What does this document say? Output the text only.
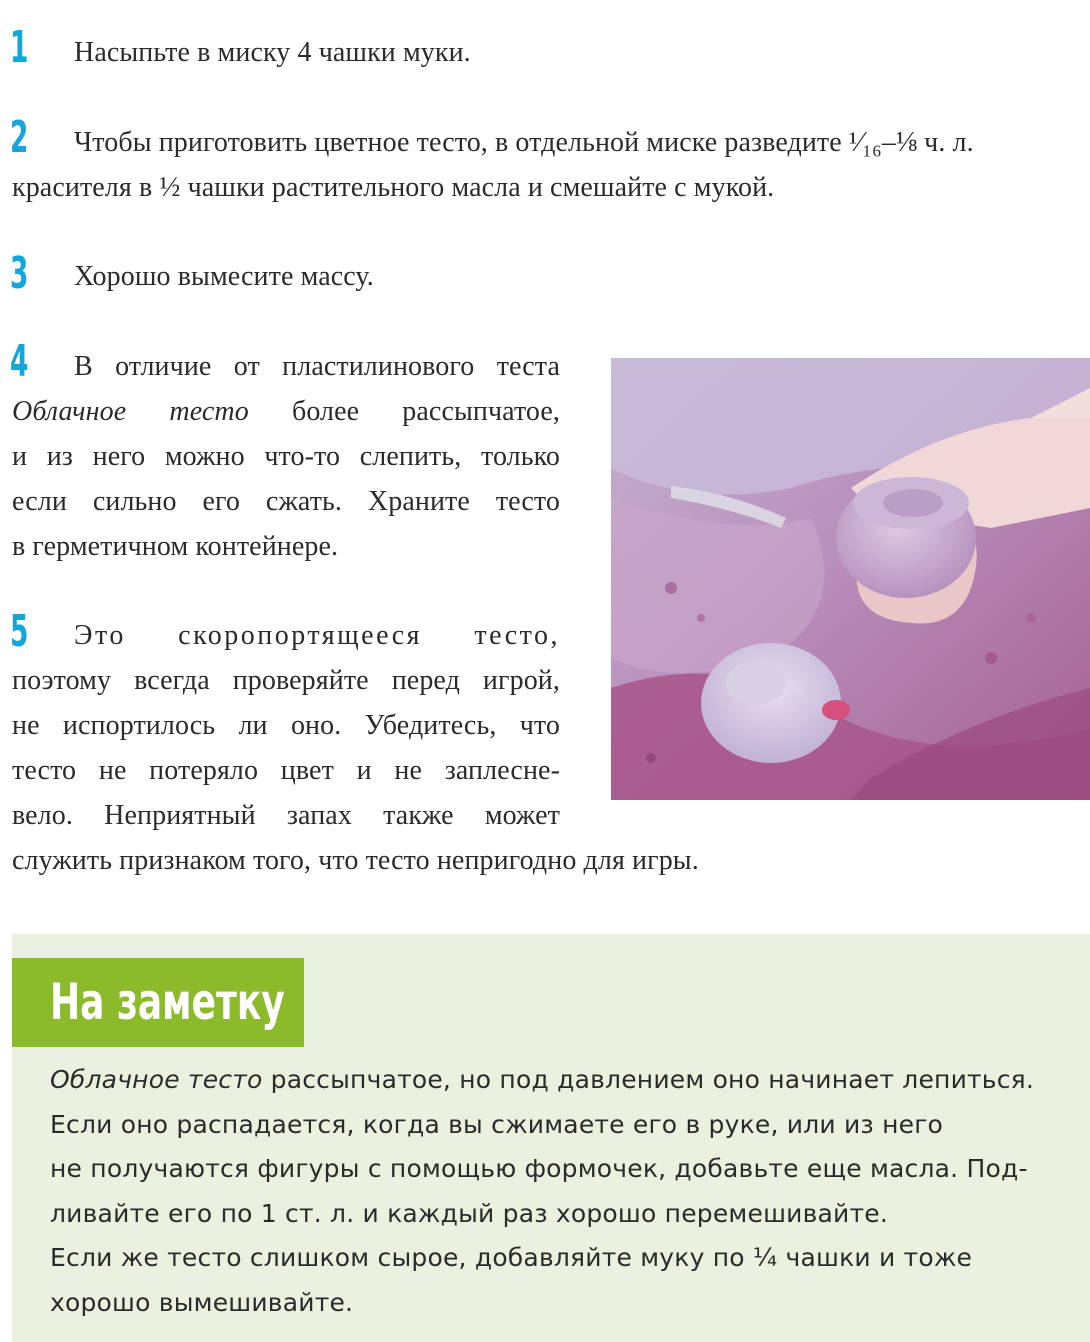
1
2
3
4
5

Насыпьте в миску 4 чашки муки.

Чтобы приготовить цветное тесто, в отдельной миске разведите ¹⁄₁₆–⅛ ч. л.
красителя в ½ чашки растительного масла и смешайте с мукой.

Хорошо вымесите массу.

В отличие от пластилинового теста
Облачное тесто более рассыпчатое,
и из него можно что-то слепить, только
если сильно его сжать. Храните тесто
в герметичном контейнере.
Это скоропортящееся тесто,
поэтому всегда проверяйте перед игрой,
не испортилось ли оно. Убедитесь, что
тесто не потеряло цвет и не заплесне-
вело. Неприятный запах также может
служить признаком того, что тесто непригодно для игры.
На заметку

Облачное тесто рассыпчатое, но под давлением оно начинает лепиться.
Если оно распадается, когда вы сжимаете его в руке, или из него
не получаются фигуры с помощью формочек, добавьте еще масла. Под-
ливайте его по 1 ст. л. и каждый раз хорошо перемешивайте.
Если же тесто слишком сырое, добавляйте муку по ¼ чашки и тоже
хорошо вымешивайте.
